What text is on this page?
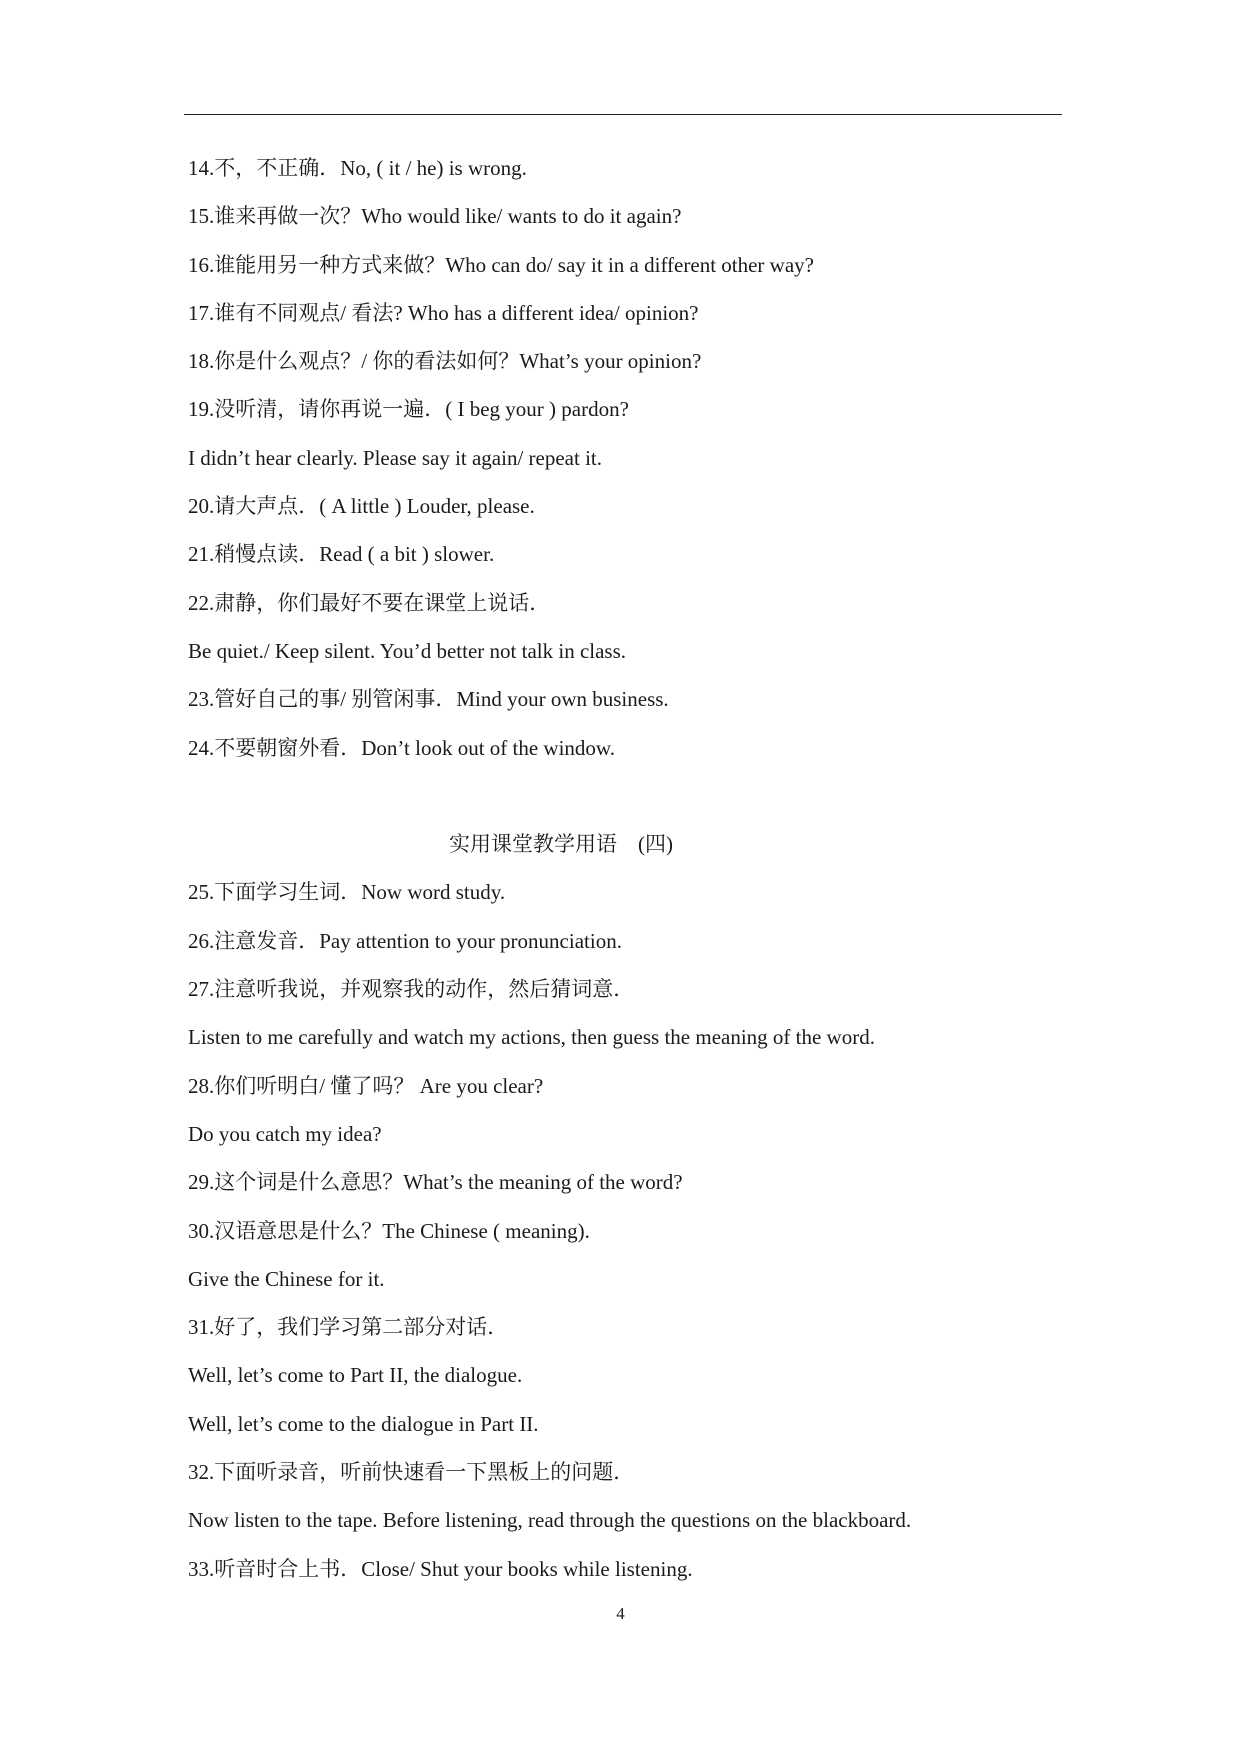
14.不，不正确．No, ( it / he) is wrong.
15.谁来再做一次？Who would like/ wants to do it again?
16.谁能用另一种方式来做？Who can do/ say it in a different other way?
17.谁有不同观点/ 看法? Who has a different idea/ opinion?
18.你是什么观点？/ 你的看法如何？What’s your opinion?
19.没听清，请你再说一遍．( I beg your ) pardon?
I didn’t hear clearly. Please say it again/ repeat it.
20.请大声点．( A little ) Louder, please.
21.稍慢点读．Read ( a bit ) slower.
22.肃静，你们最好不要在课堂上说话．
Be quiet./ Keep silent. You’d better not talk in class.
23.管好自己的事/ 别管闲事．Mind your own business.
24.不要朝窗外看．Don’t look out of the window.
实用课堂教学用语　(四)
25.下面学习生词．Now word study.
26.注意发音．Pay attention to your pronunciation.
27.注意听我说，并观察我的动作，然后猜词意．
Listen to me carefully and watch my actions, then guess the meaning of the word.
28.你们听明白/ 懂了吗？ Are you clear?
Do you catch my idea?
29.这个词是什么意思？What’s the meaning of the word?
30.汉语意思是什么？The Chinese ( meaning).
Give the Chinese for it.
31.好了，我们学习第二部分对话．
Well, let’s come to Part II, the dialogue.
Well, let’s come to the dialogue in Part II.
32.下面听录音，听前快速看一下黑板上的问题．
Now listen to the tape. Before listening, read through the questions on the blackboard.
33.听音时合上书．Close/ Shut your books while listening.
4
